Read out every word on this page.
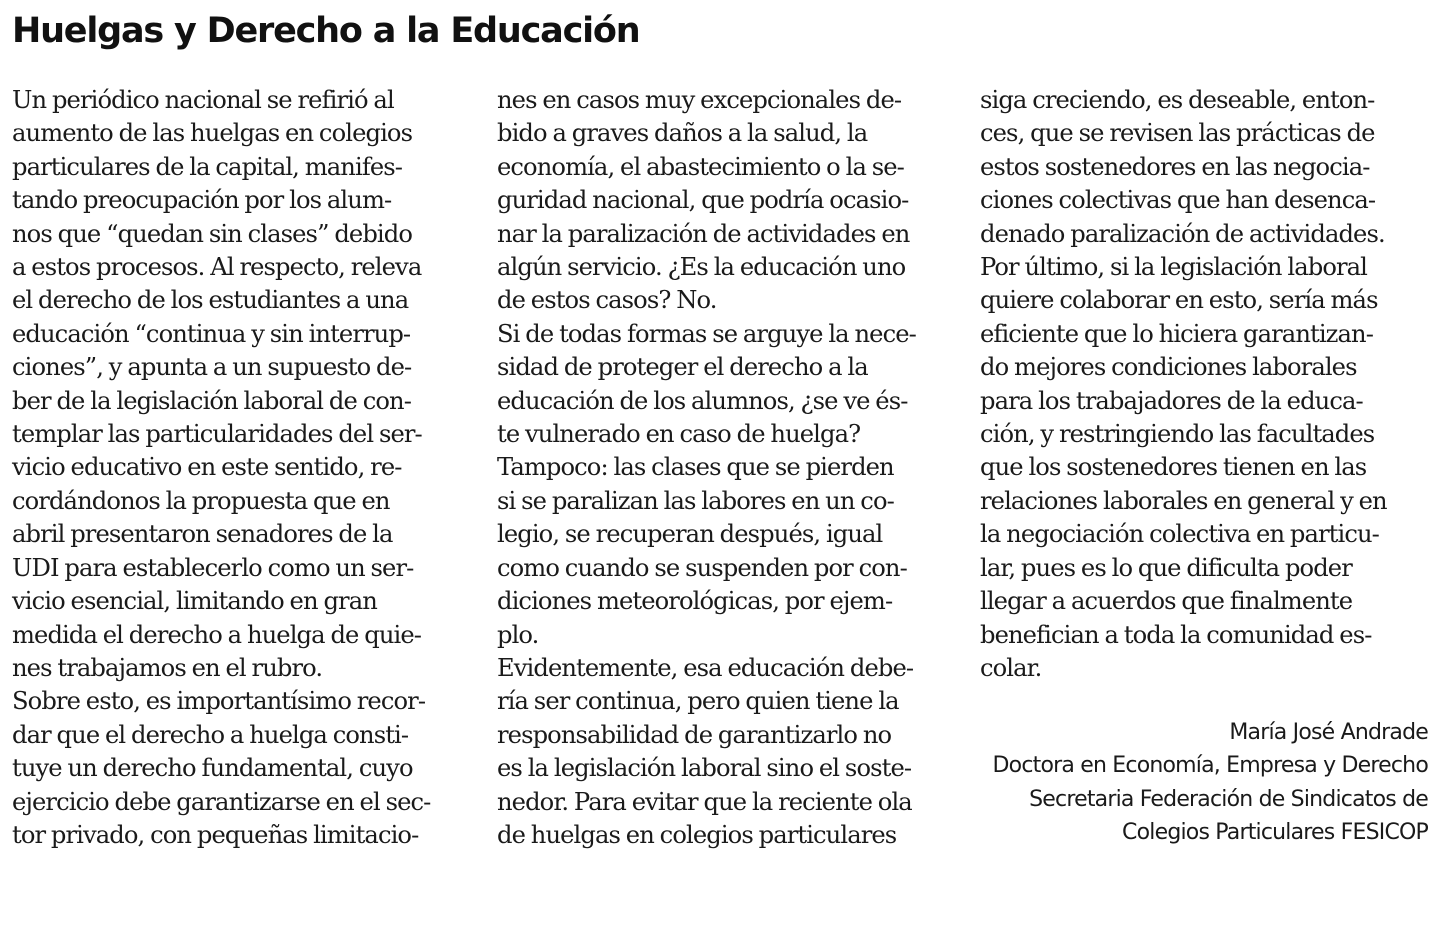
Huelgas y Derecho a la Educación
Un periódico nacional se refirió al
aumento de las huelgas en colegios
particulares de la capital, manifes-
tando preocupación por los alum-
nos que “quedan sin clases” debido
a estos procesos. Al respecto, releva
el derecho de los estudiantes a una
educación “continua y sin interrup-
ciones”, y apunta a un supuesto de-
ber de la legislación laboral de con-
templar las particularidades del ser-
vicio educativo en este sentido, re-
cordándonos la propuesta que en
abril presentaron senadores de la
UDI para establecerlo como un ser-
vicio esencial, limitando en gran
medida el derecho a huelga de quie-
nes trabajamos en el rubro.
Sobre esto, es importantísimo recor-
dar que el derecho a huelga consti-
tuye un derecho fundamental, cuyo
ejercicio debe garantizarse en el sec-
tor privado, con pequeñas limitacio-
nes en casos muy excepcionales de-
bido a graves daños a la salud, la
economía, el abastecimiento o la se-
guridad nacional, que podría ocasio-
nar la paralización de actividades en
algún servicio. ¿Es la educación uno
de estos casos? No.
Si de todas formas se arguye la nece-
sidad de proteger el derecho a la
educación de los alumnos, ¿se ve és-
te vulnerado en caso de huelga?
Tampoco: las clases que se pierden
si se paralizan las labores en un co-
legio, se recuperan después, igual
como cuando se suspenden por con-
diciones meteorológicas, por ejem-
plo.
Evidentemente, esa educación debe-
ría ser continua, pero quien tiene la
responsabilidad de garantizarlo no
es la legislación laboral sino el soste-
nedor. Para evitar que la reciente ola
de huelgas en colegios particulares
siga creciendo, es deseable, enton-
ces, que se revisen las prácticas de
estos sostenedores en las negocia-
ciones colectivas que han desenca-
denado paralización de actividades.
Por último, si la legislación laboral
quiere colaborar en esto, sería más
eficiente que lo hiciera garantizan-
do mejores condiciones laborales
para los trabajadores de la educa-
ción, y restringiendo las facultades
que los sostenedores tienen en las
relaciones laborales en general y en
la negociación colectiva en particu-
lar, pues es lo que dificulta poder
llegar a acuerdos que finalmente
benefician a toda la comunidad es-
colar.
María José Andrade
Doctora en Economía, Empresa y Derecho
Secretaria Federación de Sindicatos de
Colegios Particulares FESICOP
